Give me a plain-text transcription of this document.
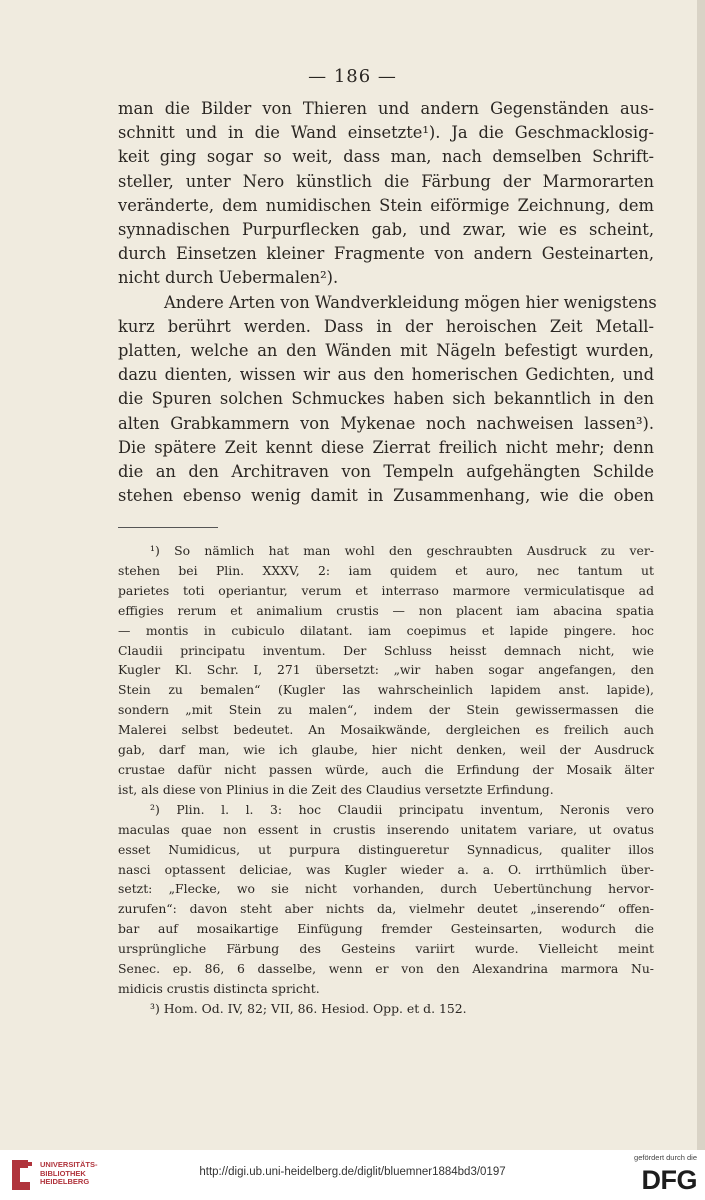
— 186 —
man die Bilder von Thieren und andern Gegenständen aus-
schnitt und in die Wand einsetzte¹). Ja die Geschmacklosig-
keit ging sogar so weit, dass man, nach demselben Schrift-
steller, unter Nero künstlich die Färbung der Marmorarten
veränderte, dem numidischen Stein eiförmige Zeichnung, dem
synnadischen Purpurflecken gab, und zwar, wie es scheint,
durch Einsetzen kleiner Fragmente von andern Gesteinarten,
nicht durch Uebermalen²).
Andere Arten von Wandverkleidung mögen hier wenigstens
kurz berührt werden. Dass in der heroischen Zeit Metall-
platten, welche an den Wänden mit Nägeln befestigt wurden,
dazu dienten, wissen wir aus den homerischen Gedichten, und
die Spuren solchen Schmuckes haben sich bekanntlich in den
alten Grabkammern von Mykenae noch nachweisen lassen³).
Die spätere Zeit kennt diese Zierrat freilich nicht mehr; denn
die an den Architraven von Tempeln aufgehängten Schilde
stehen ebenso wenig damit in Zusammenhang, wie die oben
¹) So nämlich hat man wohl den geschraubten Ausdruck zu ver-
stehen bei Plin. XXXV, 2: iam quidem et auro, nec tantum ut
parietes toti operiantur, verum et interraso marmore vermiculatisque ad
effigies rerum et animalium crustis — non placent iam abacina spatia
— montis in cubiculo dilatant. iam coepimus et lapide pingere. hoc
Claudii principatu inventum. Der Schluss heisst demnach nicht, wie
Kugler Kl. Schr. I, 271 übersetzt: „wir haben sogar angefangen, den
Stein zu bemalen“ (Kugler las wahrscheinlich lapidem anst. lapide),
sondern „mit Stein zu malen“, indem der Stein gewissermassen die
Malerei selbst bedeutet. An Mosaikwände, dergleichen es freilich auch
gab, darf man, wie ich glaube, hier nicht denken, weil der Ausdruck
crustae dafür nicht passen würde, auch die Erfindung der Mosaik älter
ist, als diese von Plinius in die Zeit des Claudius versetzte Erfindung.
²) Plin. l. l. 3: hoc Claudii principatu inventum, Neronis vero
maculas quae non essent in crustis inserendo unitatem variare, ut ovatus
esset Numidicus, ut purpura distingueretur Synnadicus, qualiter illos
nasci optassent deliciae, was Kugler wieder a. a. O. irrthümlich über-
setzt: „Flecke, wo sie nicht vorhanden, durch Uebertünchung hervor-
zurufen“: davon steht aber nichts da, vielmehr deutet „inserendo“ offen-
bar auf mosaikartige Einfügung fremder Gesteinsarten, wodurch die
ursprüngliche Färbung des Gesteins variirt wurde. Vielleicht meint
Senec. ep. 86, 6 dasselbe, wenn er von den Alexandrina marmora Nu-
midicis crustis distincta spricht.
³) Hom. Od. IV, 82; VII, 86. Hesiod. Opp. et d. 152.
UNIVERSITÄTS-
BIBLIOTHEK
HEIDELBERG
http://digi.ub.uni-heidelberg.de/diglit/bluemner1884bd3/0197
gefördert durch die
DFG
